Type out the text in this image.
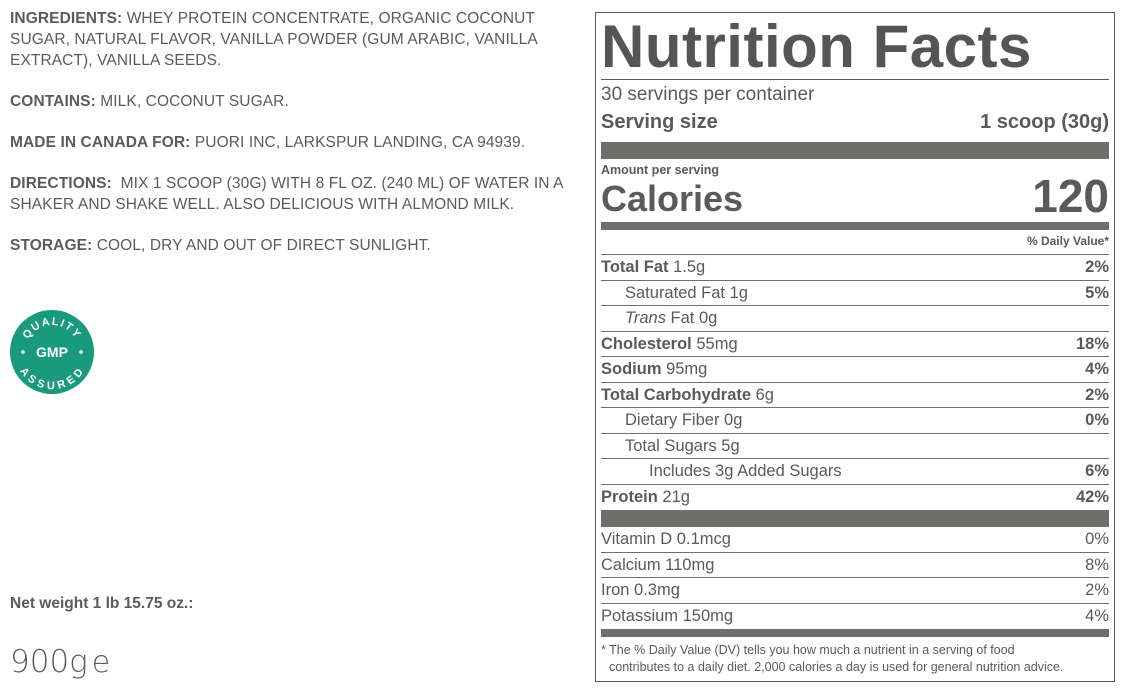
INGREDIENTS: WHEY PROTEIN CONCENTRATE, ORGANIC COCONUT SUGAR, NATURAL FLAVOR, VANILLA POWDER (GUM ARABIC, VANILLA EXTRACT), VANILLA SEEDS.

CONTAINS: MILK, COCONUT SUGAR.

MADE IN CANADA FOR: PUORI INC, LARKSPUR LANDING, CA 94939.

DIRECTIONS:  MIX 1 SCOOP (30G) WITH 8 FL OZ. (240 ML) OF WATER IN A SHAKER AND SHAKE WELL. ALSO DELICIOUS WITH ALMOND MILK.

STORAGE: COOL, DRY AND OUT OF DIRECT SUNLIGHT.

QUALITY
ASSURED
GMP
Net weight 1 lb 15.75 oz.:
900g e
Nutrition Facts
30 servings per container
Serving size	1 scoop (30g)
Amount per serving
Calories	120
% Daily Value*
Total Fat 1.5g	2%
Saturated Fat 1g	5%
Trans Fat 0g
Cholesterol 55mg	18%
Sodium 95mg	4%
Total Carbohydrate 6g	2%
Dietary Fiber 0g	0%
Total Sugars 5g
Includes 3g Added Sugars	6%
Protein 21g	42%
Vitamin D 0.1mcg	0%
Calcium 110mg	8%
Iron 0.3mg	2%
Potassium 150mg	4%
* The % Daily Value (DV) tells you how much a nutrient in a serving of food
contributes to a daily diet. 2,000 calories a day is used for general nutrition advice.
